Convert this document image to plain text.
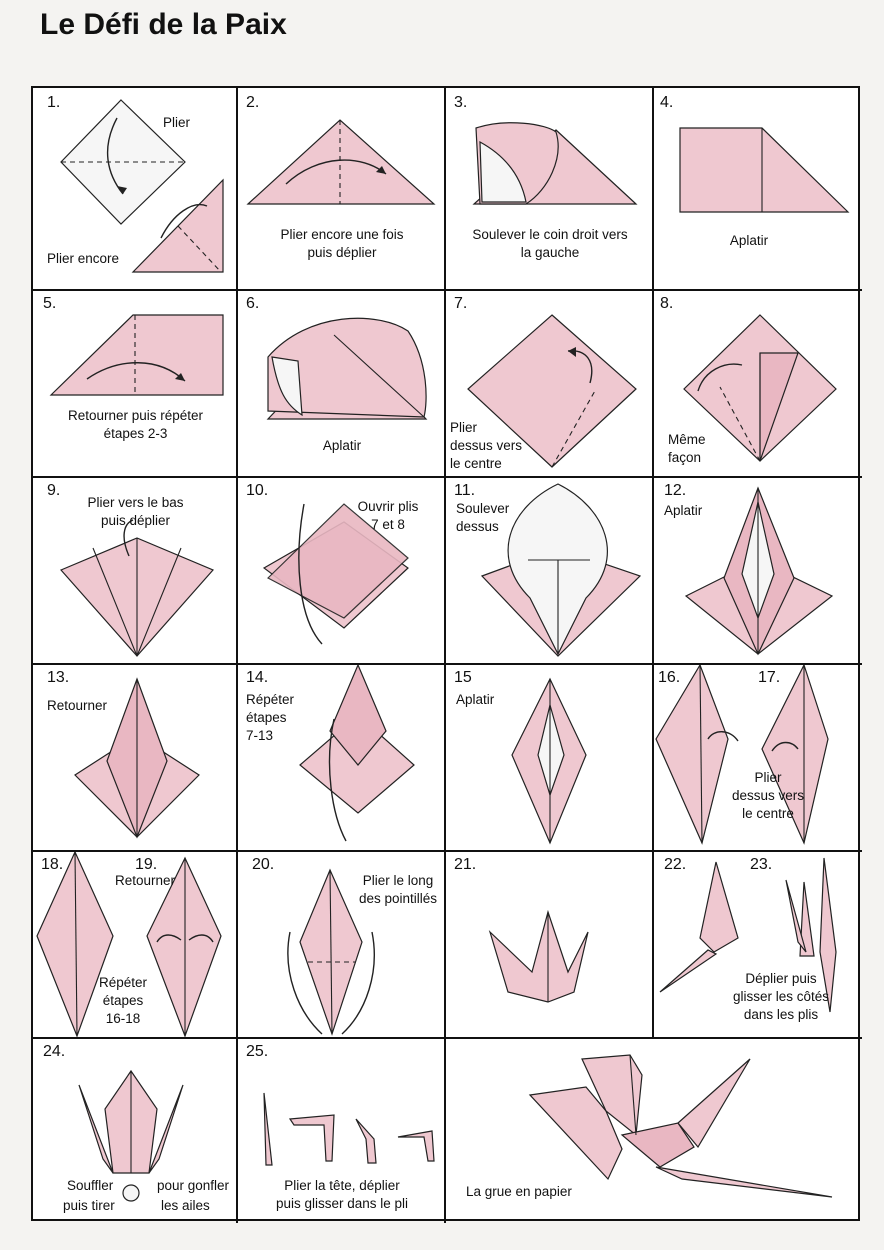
Le Défi de la Paix
1.
Plier
Plier encore
2.
Plier encore une fois
puis déplier
3.
Soulever le coin droit vers
la gauche
4.
Aplatir
5.
Retourner puis répéter
étapes 2-3
6.
Aplatir
7.
Plier
dessus vers
le centre
8.
Même
façon
9.
Plier vers le bas
puis déplier
10.
Ouvrir plis
7 et 8
11.
Soulever
dessus
12.
Aplatir
13.
Retourner
14.
Répéter
étapes
7-13
15
Aplatir
16.	17.
Plier
dessus vers
le centre
18.	19.
Retourner
Répéter
étapes
16-18
20.
Plier le long
des pointillés
21.	22.	23.
Déplier puis
glisser les côtés
dans les plis
24.
Souffler
puis tirer
pour gonfler
les ailes
25.
Plier la tête, déplier
puis glisser dans le pli
La grue en papier
